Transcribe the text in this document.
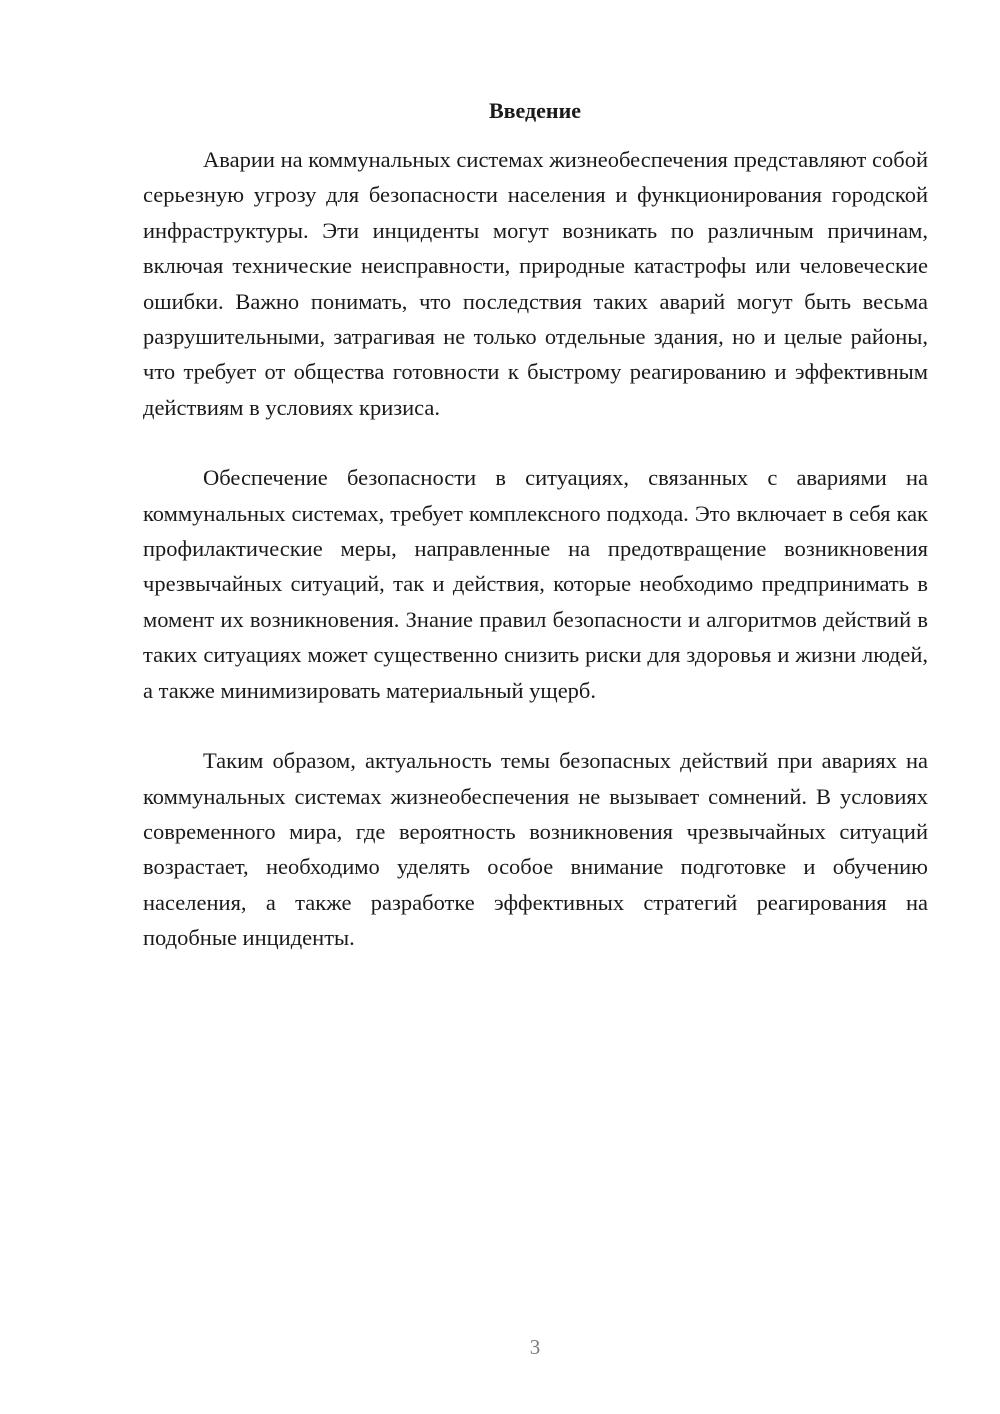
Введение

Аварии на коммунальных системах жизнеобеспечения представляют собой серьезную угрозу для безопасности населения и функционирования городской инфраструктуры. Эти инциденты могут возникать по различным причинам, включая технические неисправности, природные катастрофы или человеческие ошибки. Важно понимать, что последствия таких аварий могут быть весьма разрушительными, затрагивая не только отдельные здания, но и целые районы, что требует от общества готовности к быстрому реагированию и эффективным действиям в условиях кризиса.

Обеспечение безопасности в ситуациях, связанных с авариями на коммунальных системах, требует комплексного подхода. Это включает в себя как профилактические меры, направленные на предотвращение возникновения чрезвычайных ситуаций, так и действия, которые необходимо предпринимать в момент их возникновения. Знание правил безопасности и алгоритмов действий в таких ситуациях может существенно снизить риски для здоровья и жизни людей, а также минимизировать материальный ущерб.

Таким образом, актуальность темы безопасных действий при авариях на коммунальных системах жизнеобеспечения не вызывает сомнений. В условиях современного мира, где вероятность возникновения чрезвычайных ситуаций возрастает, необходимо уделять особое внимание подготовке и обучению населения, а также разработке эффективных стратегий реагирования на подобные инциденты.

3
